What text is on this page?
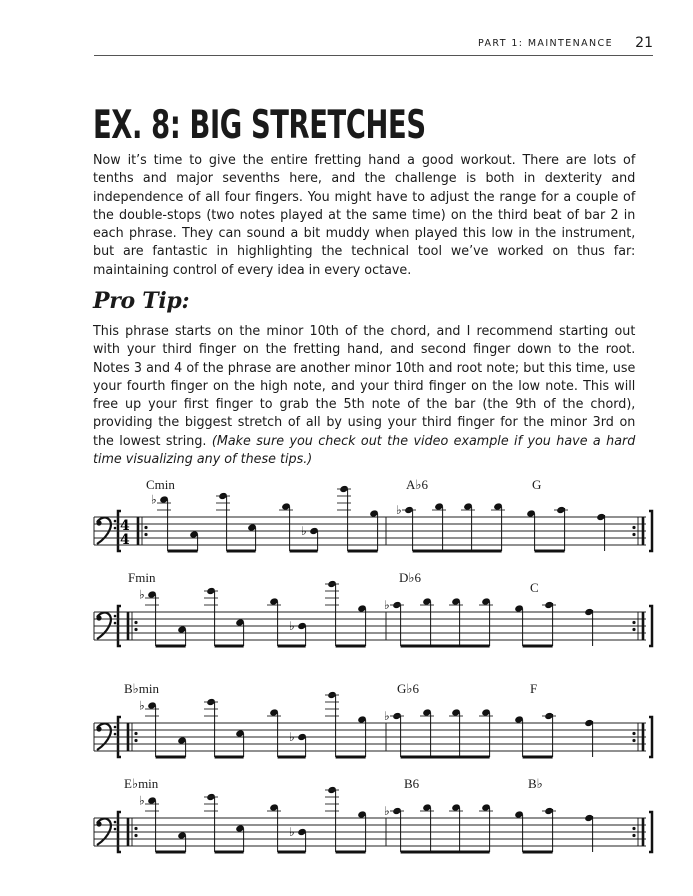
PART 1: MAINTENANCE 21
EX. 8: BIG STRETCHES

Now it’s time to give the entire fretting hand a good workout. There are lots of tenths and major sevenths here, and the challenge is both in dexterity and independence of all four fingers. You might have to adjust the range for a couple of the double-stops (two notes played at the same time) on the third beat of bar 2 in each phrase. They can sound a bit muddy when played this low in the instrument, but are fantastic in highlighting the technical tool we’ve worked on thus far: maintaining control of every idea in every octave.

Pro Tip:

This phrase starts on the minor 10th of the chord, and I recommend starting out with your third finger on the fretting hand, and second finger down to the root. Notes 3 and 4 of the phrase are another minor 10th and root note; but this time, use your fourth finger on the high note, and your third finger on the low note. This will free up your first finger to grab the 5th note of the bar (the 9th of the chord), providing the biggest stretch of all by using your third finger for the minor 3rd on the lowest string. (Make sure you check out the video example if you have a hard time visualizing any of these tips.)

Cmin	A♭6	G
4
4
♭
♭
♭
Fmin	D♭6
C
♭
♭
♭
B♭min	G♭6	F
♭
♭
♭
E♭min	B6	B♭
♭
♭
♭
